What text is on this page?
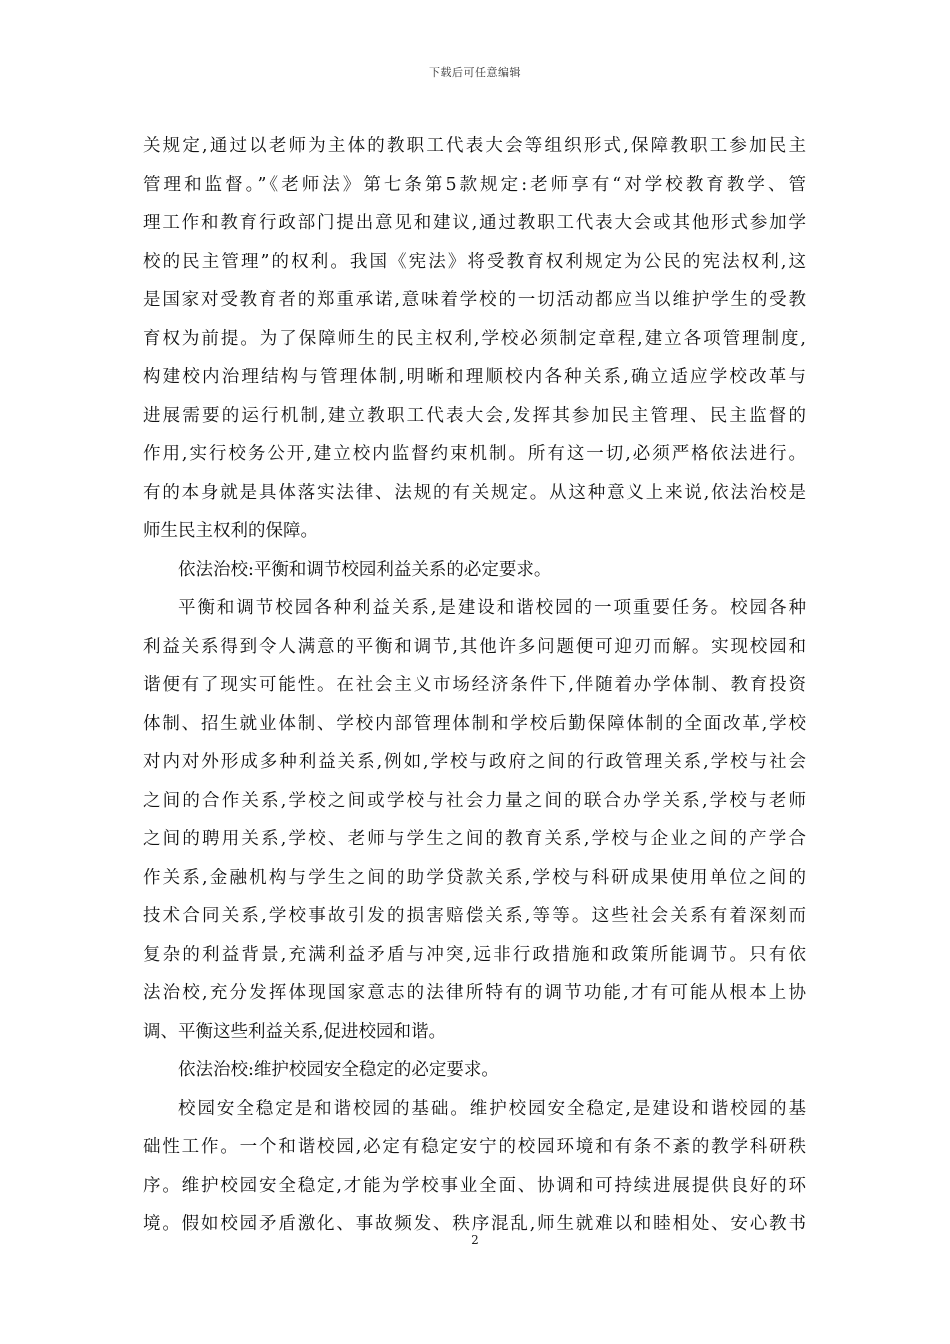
下载后可任意编辑
关规定,通过以老师为主体的教职工代表大会等组织形式,保障教职工参加民主
管理和监督。”《老师法》第七条第5款规定:老师享有“对学校教育教学、管
理工作和教育行政部门提出意见和建议,通过教职工代表大会或其他形式参加学
校的民主管理”的权利。我国《宪法》将受教育权利规定为公民的宪法权利,这
是国家对受教育者的郑重承诺,意味着学校的一切活动都应当以维护学生的受教
育权为前提。为了保障师生的民主权利,学校必须制定章程,建立各项管理制度,
构建校内治理结构与管理体制,明晰和理顺校内各种关系,确立适应学校改革与
进展需要的运行机制,建立教职工代表大会,发挥其参加民主管理、民主监督的
作用,实行校务公开,建立校内监督约束机制。所有这一切,必须严格依法进行。
有的本身就是具体落实法律、法规的有关规定。从这种意义上来说,依法治校是
师生民主权利的保障。
依法治校:平衡和调节校园利益关系的必定要求。
平衡和调节校园各种利益关系,是建设和谐校园的一项重要任务。校园各种
利益关系得到令人满意的平衡和调节,其他许多问题便可迎刃而解。实现校园和
谐便有了现实可能性。在社会主义市场经济条件下,伴随着办学体制、教育投资
体制、招生就业体制、学校内部管理体制和学校后勤保障体制的全面改革,学校
对内对外形成多种利益关系,例如,学校与政府之间的行政管理关系,学校与社会
之间的合作关系,学校之间或学校与社会力量之间的联合办学关系,学校与老师
之间的聘用关系,学校、老师与学生之间的教育关系,学校与企业之间的产学合
作关系,金融机构与学生之间的助学贷款关系,学校与科研成果使用单位之间的
技术合同关系,学校事故引发的损害赔偿关系,等等。这些社会关系有着深刻而
复杂的利益背景,充满利益矛盾与冲突,远非行政措施和政策所能调节。只有依
法治校,充分发挥体现国家意志的法律所特有的调节功能,才有可能从根本上协
调、平衡这些利益关系,促进校园和谐。
依法治校:维护校园安全稳定的必定要求。
校园安全稳定是和谐校园的基础。维护校园安全稳定,是建设和谐校园的基
础性工作。一个和谐校园,必定有稳定安宁的校园环境和有条不紊的教学科研秩
序。维护校园安全稳定,才能为学校事业全面、协调和可持续进展提供良好的环
境。假如校园矛盾激化、事故频发、秩序混乱,师生就难以和睦相处、安心教书
2
